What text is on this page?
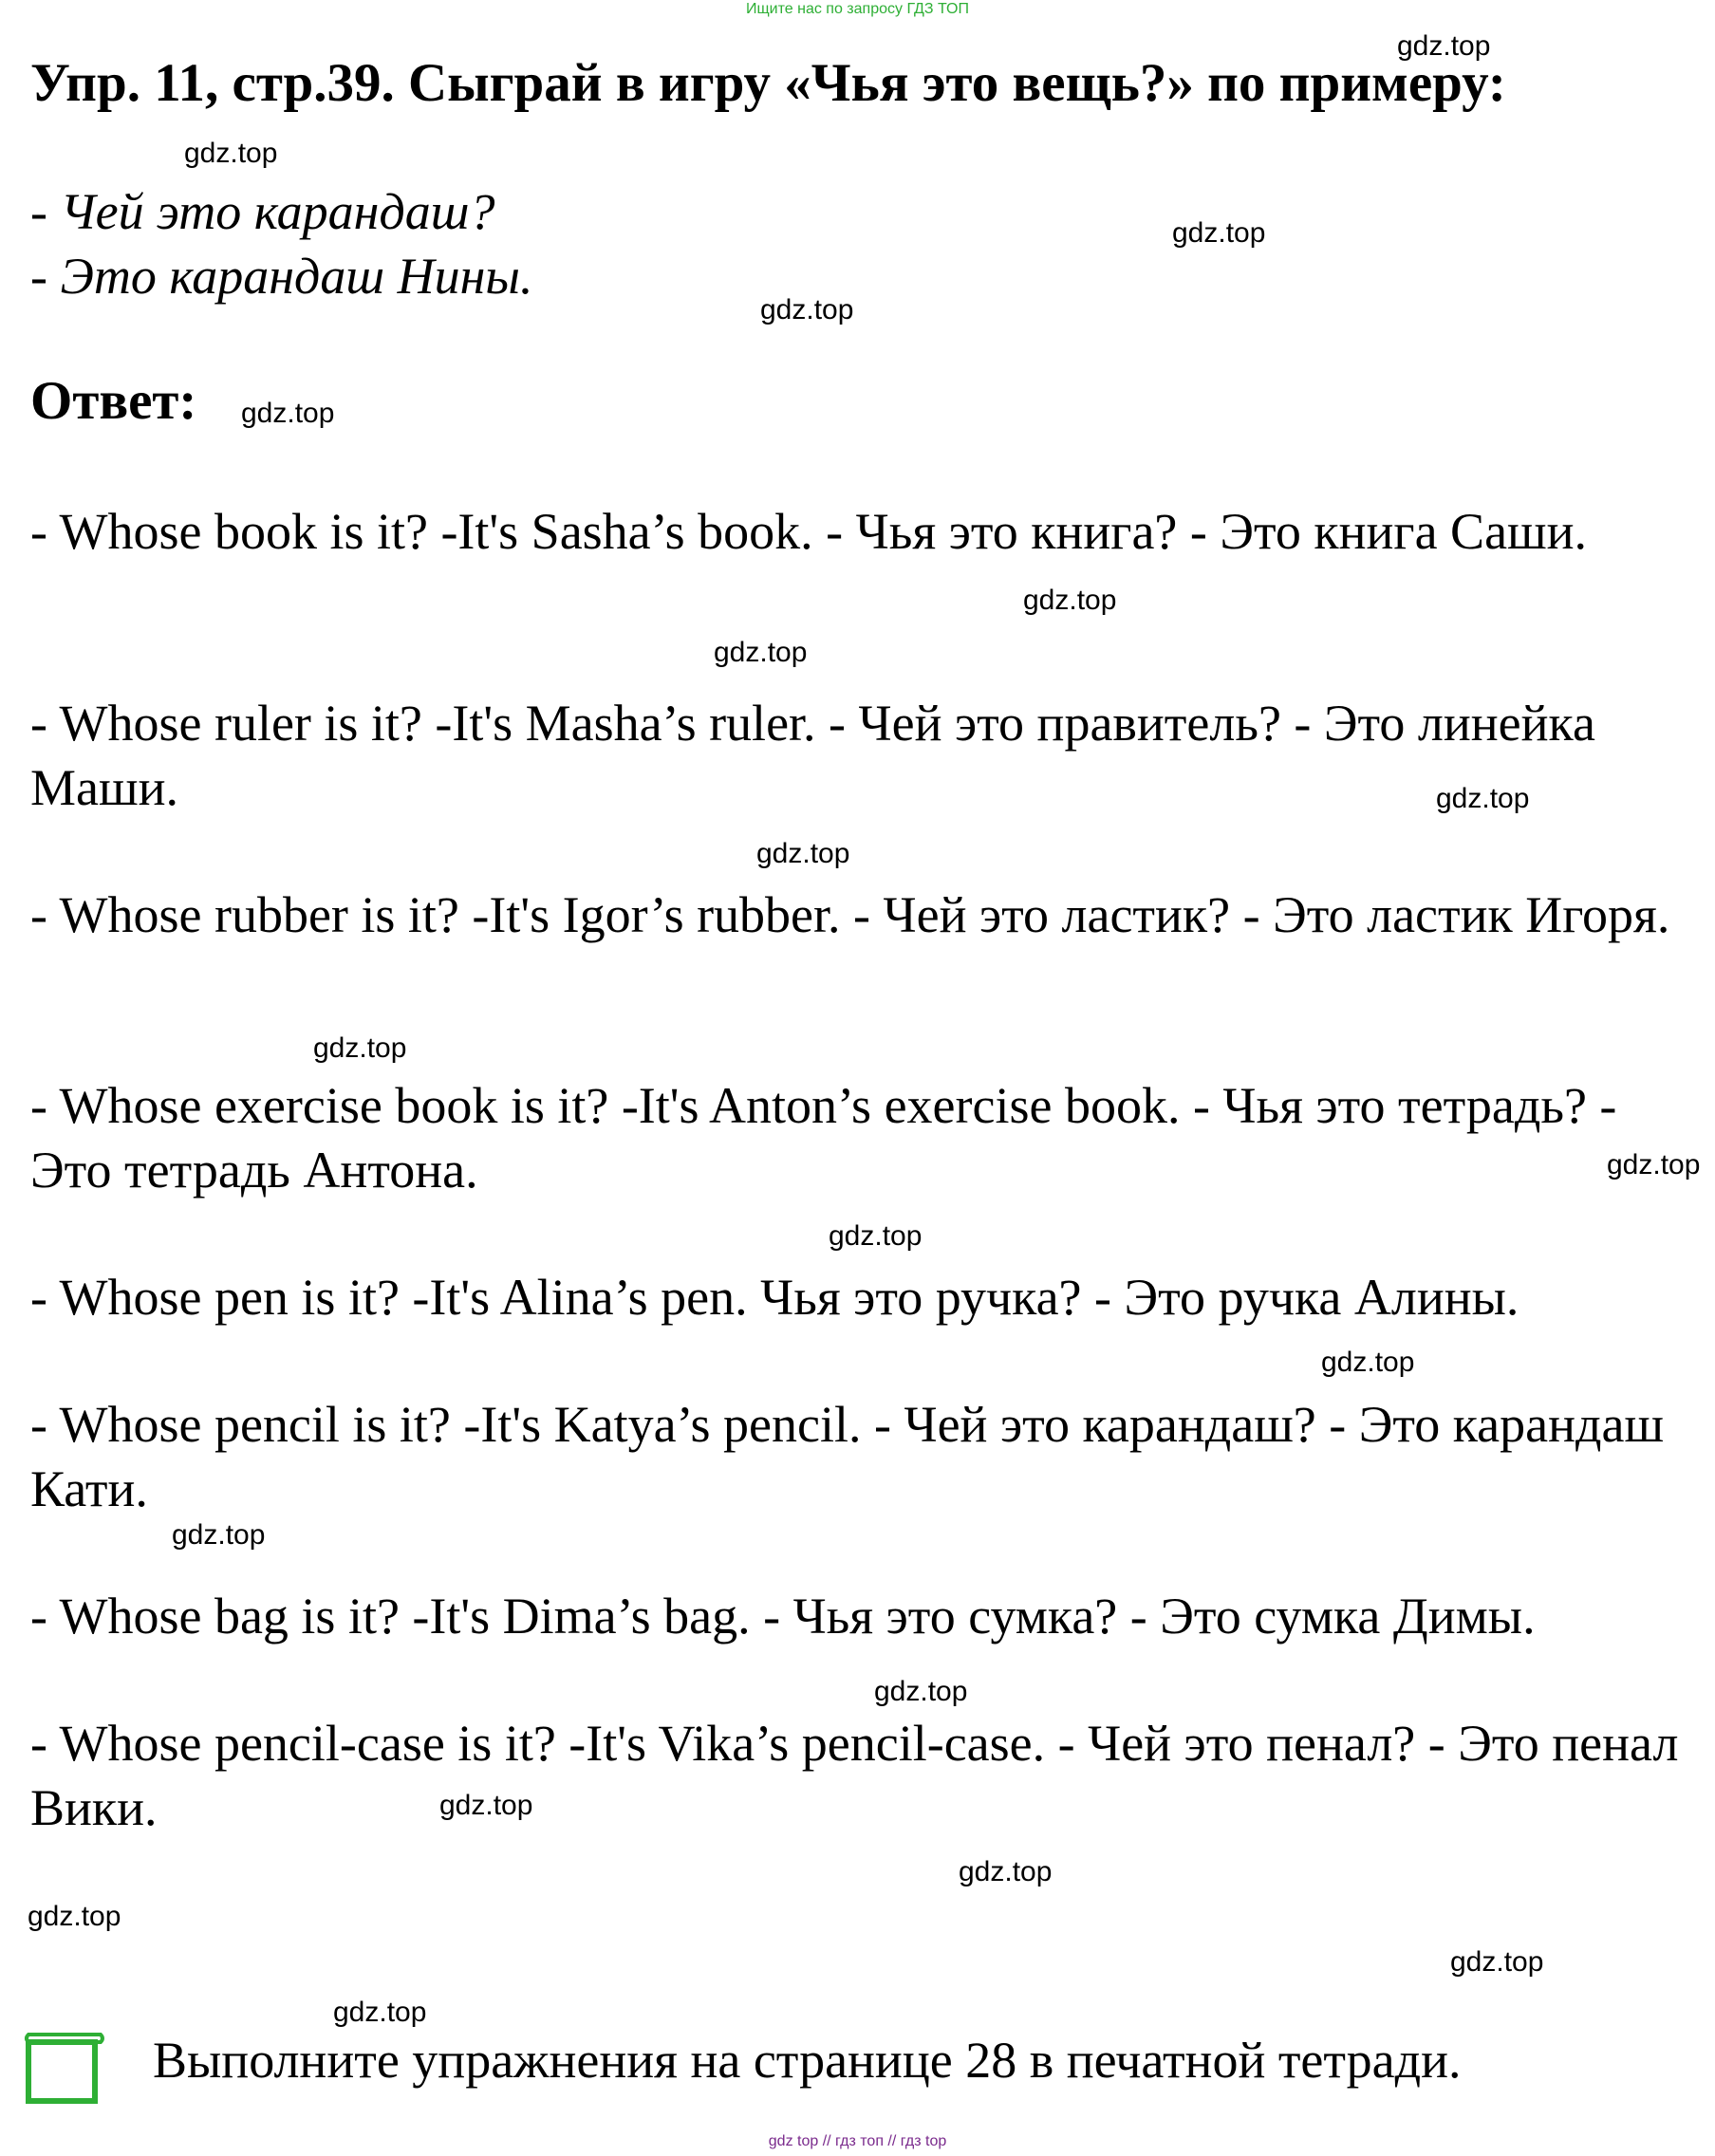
Ищите нас по запросу ГДЗ ТОП
Упр. 11, стр.39. Сыграй в игру «Чья это вещь?» по примеру:

- Чей это карандаш?

- Это карандаш Нины.

Ответ:

- Whose book is it? -It's Sasha’s book. - Чья это книга? - Это книга Саши.

- Whose ruler is it? -It's Masha’s ruler. - Чей это правитель? - Это линейка Маши.

- Whose rubber is it? -It's Igor’s rubber. - Чей это ластик? - Это ластик Игоря.

- Whose exercise book is it? -It's Anton’s exercise book. - Чья это тетрадь? - Это тетрадь Антона.

- Whose pen is it? -It's Alina’s pen. Чья это ручка? - Это ручка Алины.

- Whose pencil is it? -It's Katya’s pencil. - Чей это карандаш? - Это карандаш Кати.

- Whose bag is it? -It's Dima’s bag. - Чья это сумка? - Это сумка Димы.

- Whose pencil-case is it? -It's Vika’s pencil-case. - Чей это пенал? - Это пенал Вики.

gdz.top
gdz.top
gdz.top
gdz.top
gdz.top
gdz.top
gdz.top
gdz.top
gdz.top
gdz.top
gdz.top
gdz.top
gdz.top
gdz.top
gdz.top
gdz.top
gdz.top
gdz.top
gdz.top
gdz.top

Выполните упражнения на странице 28 в печатной тетради.

gdz top // гдз топ // гдз top
